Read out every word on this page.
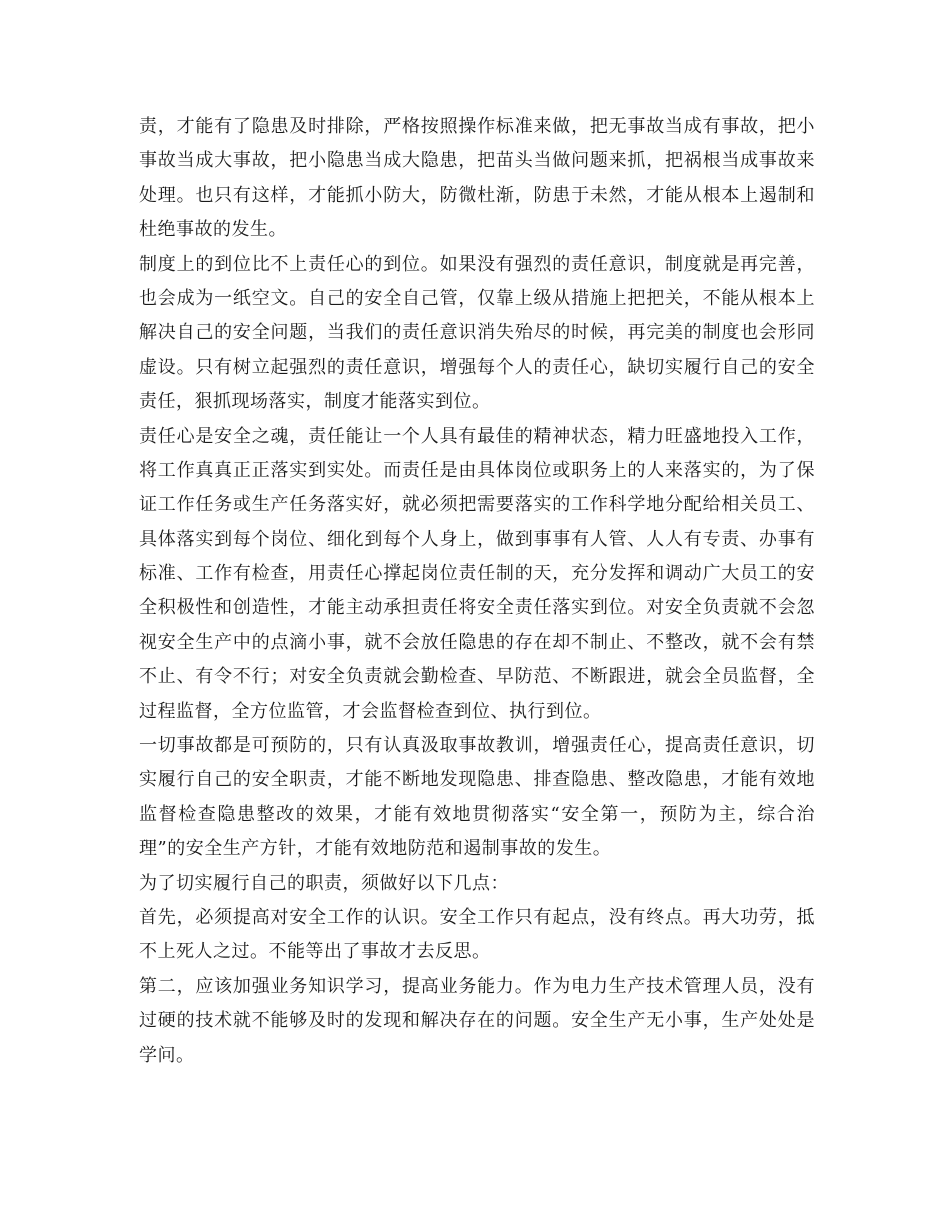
责，才能有了隐患及时排除，严格按照操作标准来做，把无事故当成有事故，把小
事故当成大事故，把小隐患当成大隐患，把苗头当做问题来抓，把祸根当成事故来
处理。也只有这样，才能抓小防大，防微杜渐，防患于未然，才能从根本上遏制和
杜绝事故的发生。
制度上的到位比不上责任心的到位。如果没有强烈的责任意识，制度就是再完善，
也会成为一纸空文。自己的安全自己管，仅靠上级从措施上把把关，不能从根本上
解决自己的安全问题，当我们的责任意识消失殆尽的时候，再完美的制度也会形同
虚设。只有树立起强烈的责任意识，增强每个人的责任心，缺切实履行自己的安全
责任，狠抓现场落实，制度才能落实到位。
责任心是安全之魂，责任能让一个人具有最佳的精神状态，精力旺盛地投入工作，
将工作真真正正落实到实处。而责任是由具体岗位或职务上的人来落实的，为了保
证工作任务或生产任务落实好，就必须把需要落实的工作科学地分配给相关员工、
具体落实到每个岗位、细化到每个人身上，做到事事有人管、人人有专责、办事有
标准、工作有检查，用责任心撑起岗位责任制的天，充分发挥和调动广大员工的安
全积极性和创造性，才能主动承担责任将安全责任落实到位。对安全负责就不会忽
视安全生产中的点滴小事，就不会放任隐患的存在却不制止、不整改，就不会有禁
不止、有令不行；对安全负责就会勤检查、早防范、不断跟进，就会全员监督，全
过程监督，全方位监管，才会监督检查到位、执行到位。
一切事故都是可预防的，只有认真汲取事故教训，增强责任心，提高责任意识，切
实履行自己的安全职责，才能不断地发现隐患、排查隐患、整改隐患，才能有效地
监督检查隐患整改的效果，才能有效地贯彻落实“安全第一，预防为主，综合治
理”的安全生产方针，才能有效地防范和遏制事故的发生。
为了切实履行自己的职责，须做好以下几点：
首先，必须提高对安全工作的认识。安全工作只有起点，没有终点。再大功劳，抵
不上死人之过。不能等出了事故才去反思。
第二，应该加强业务知识学习，提高业务能力。作为电力生产技术管理人员，没有
过硬的技术就不能够及时的发现和解决存在的问题。安全生产无小事，生产处处是
学问。
